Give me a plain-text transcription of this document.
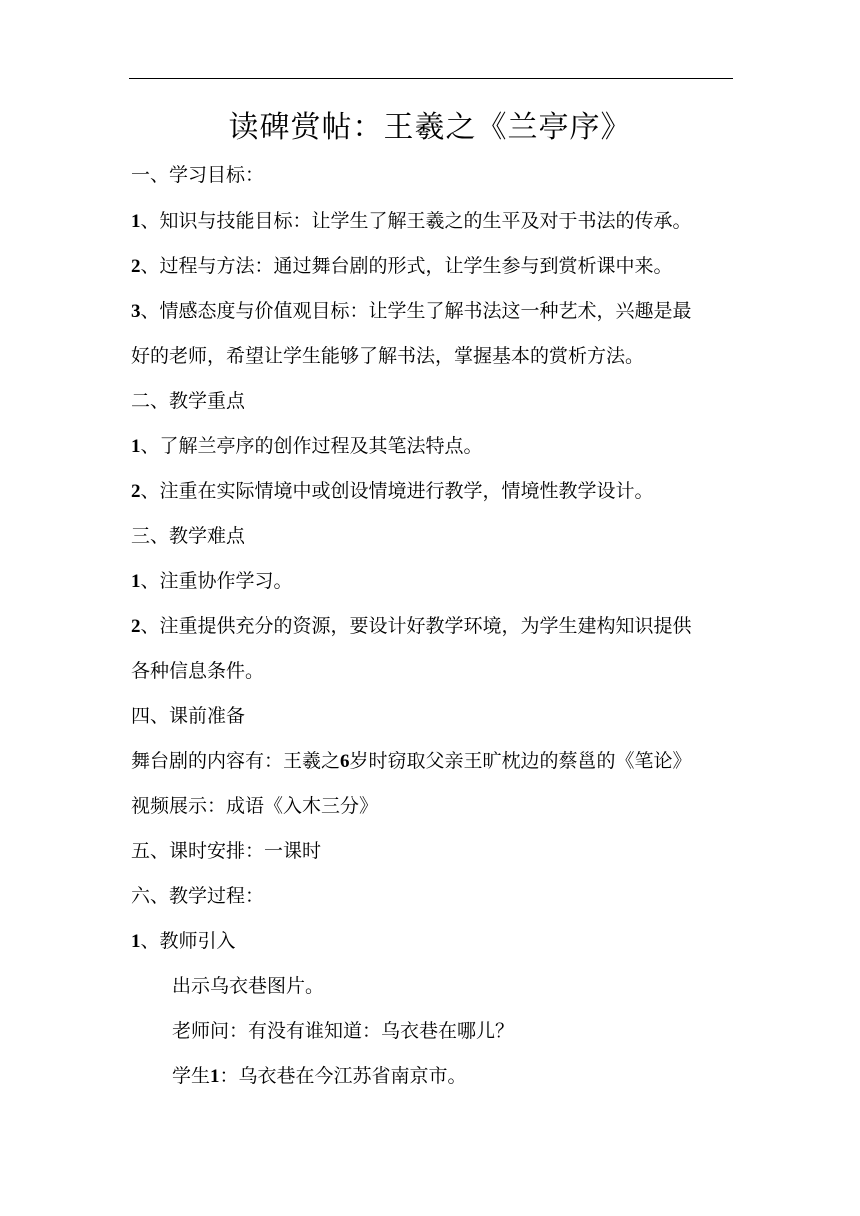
读碑赏帖：王羲之《兰亭序》
一、学习目标：
1、知识与技能目标：让学生了解王羲之的生平及对于书法的传承。
2、过程与方法：通过舞台剧的形式，让学生参与到赏析课中来。
3、情感态度与价值观目标：让学生了解书法这一种艺术，兴趣是最
好的老师，希望让学生能够了解书法，掌握基本的赏析方法。
二、教学重点
1、了解兰亭序的创作过程及其笔法特点。
2、注重在实际情境中或创设情境进行教学，情境性教学设计。
三、教学难点
1、注重协作学习。
2、注重提供充分的资源，要设计好教学环境，为学生建构知识提供
各种信息条件。
四、课前准备
舞台剧的内容有：王羲之6岁时窃取父亲王旷枕边的蔡邕的《笔论》
视频展示：成语《入木三分》
五、课时安排：一课时
六、教学过程：
1、教师引入
出示乌衣巷图片。
老师问：有没有谁知道：乌衣巷在哪儿？
学生1：乌衣巷在今江苏省南京市。
